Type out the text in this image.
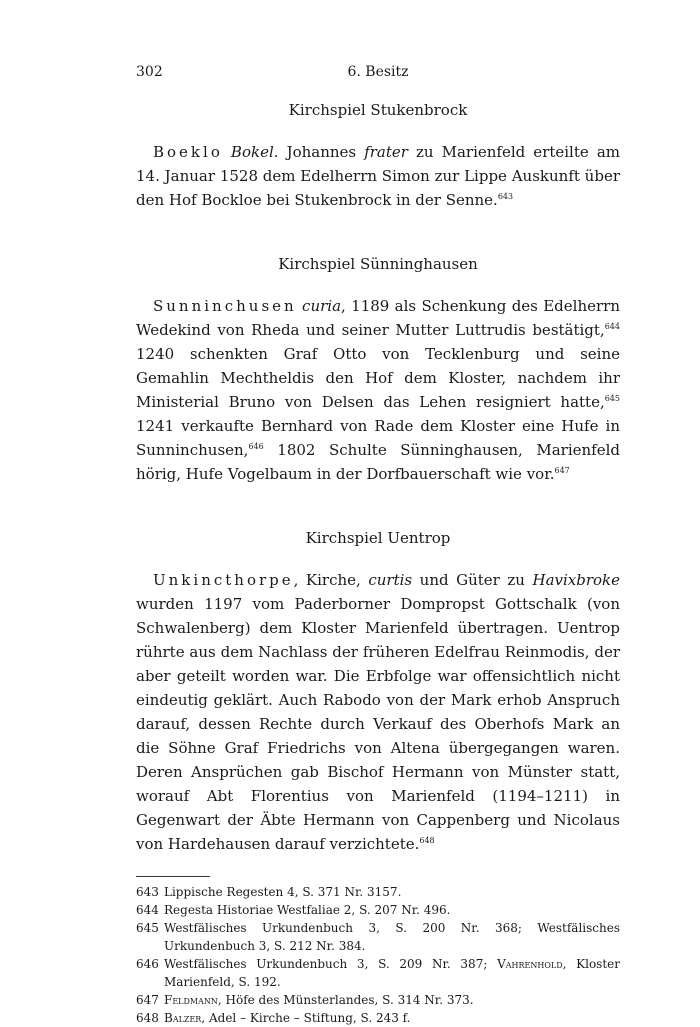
302	6. Besitz
Kirchspiel Stukenbrock

Boeklo Bokel. Johannes frater zu Marienfeld erteilte am 14. Januar 1528 dem Edelherrn Simon zur Lippe Auskunft über den Hof Bockloe bei Stukenbrock in der Senne.$^{643}$

Kirchspiel Sünninghausen

Sunninchusen curia, 1189 als Schenkung des Edelherrn Wedekind von Rheda und seiner Mutter Luttrudis bestätigt,$^{644}$ 1240 schenkten Graf Otto von Tecklenburg und seine Gemahlin Mechtheldis den Hof dem Kloster, nachdem ihr Ministerial Bruno von Delsen das Lehen resigniert hatte,$^{645}$ 1241 verkaufte Bernhard von Rade dem Kloster eine Hufe in Sunninchusen,$^{646}$ 1802 Schulte Sünninghausen, Marienfeld hörig, Hufe Vogelbaum in der Dorfbauerschaft wie vor.$^{647}$

Kirchspiel Uentrop

Unkincthorpe, Kirche, curtis und Güter zu Havixbroke wurden 1197 vom Paderborner Dompropst Gottschalk (von Schwalenberg) dem Kloster Marienfeld übertragen. Uentrop rührte aus dem Nachlass der früheren Edelfrau Reinmodis, der aber geteilt worden war. Die Erbfolge war offensichtlich nicht eindeutig geklärt. Auch Rabodo von der Mark erhob Anspruch darauf, dessen Rechte durch Verkauf des Oberhofs Mark an die Söhne Graf Friedrichs von Altena übergegangen waren. Deren Ansprüchen gab Bischof Hermann von Münster statt, worauf Abt Florentius von Marienfeld (1194–1211) in Gegenwart der Äbte Hermann von Cappenberg und Nicolaus von Hardehausen darauf verzichtete.$^{648}$

643 Lippische Regesten 4, S. 371 Nr. 3157.
644 Regesta Historiae Westfaliae 2, S. 207 Nr. 496.
645 Westfälisches Urkundenbuch 3, S. 200 Nr. 368; Westfälisches Urkundenbuch 3, S. 212 Nr. 384.
646 Westfälisches Urkundenbuch 3, S. 209 Nr. 387; Vahrenhold, Kloster Marienfeld, S. 192.
647 Feldmann, Höfe des Münsterlandes, S. 314 Nr. 373.
648 Balzer, Adel – Kirche – Stiftung, S. 243 f.
